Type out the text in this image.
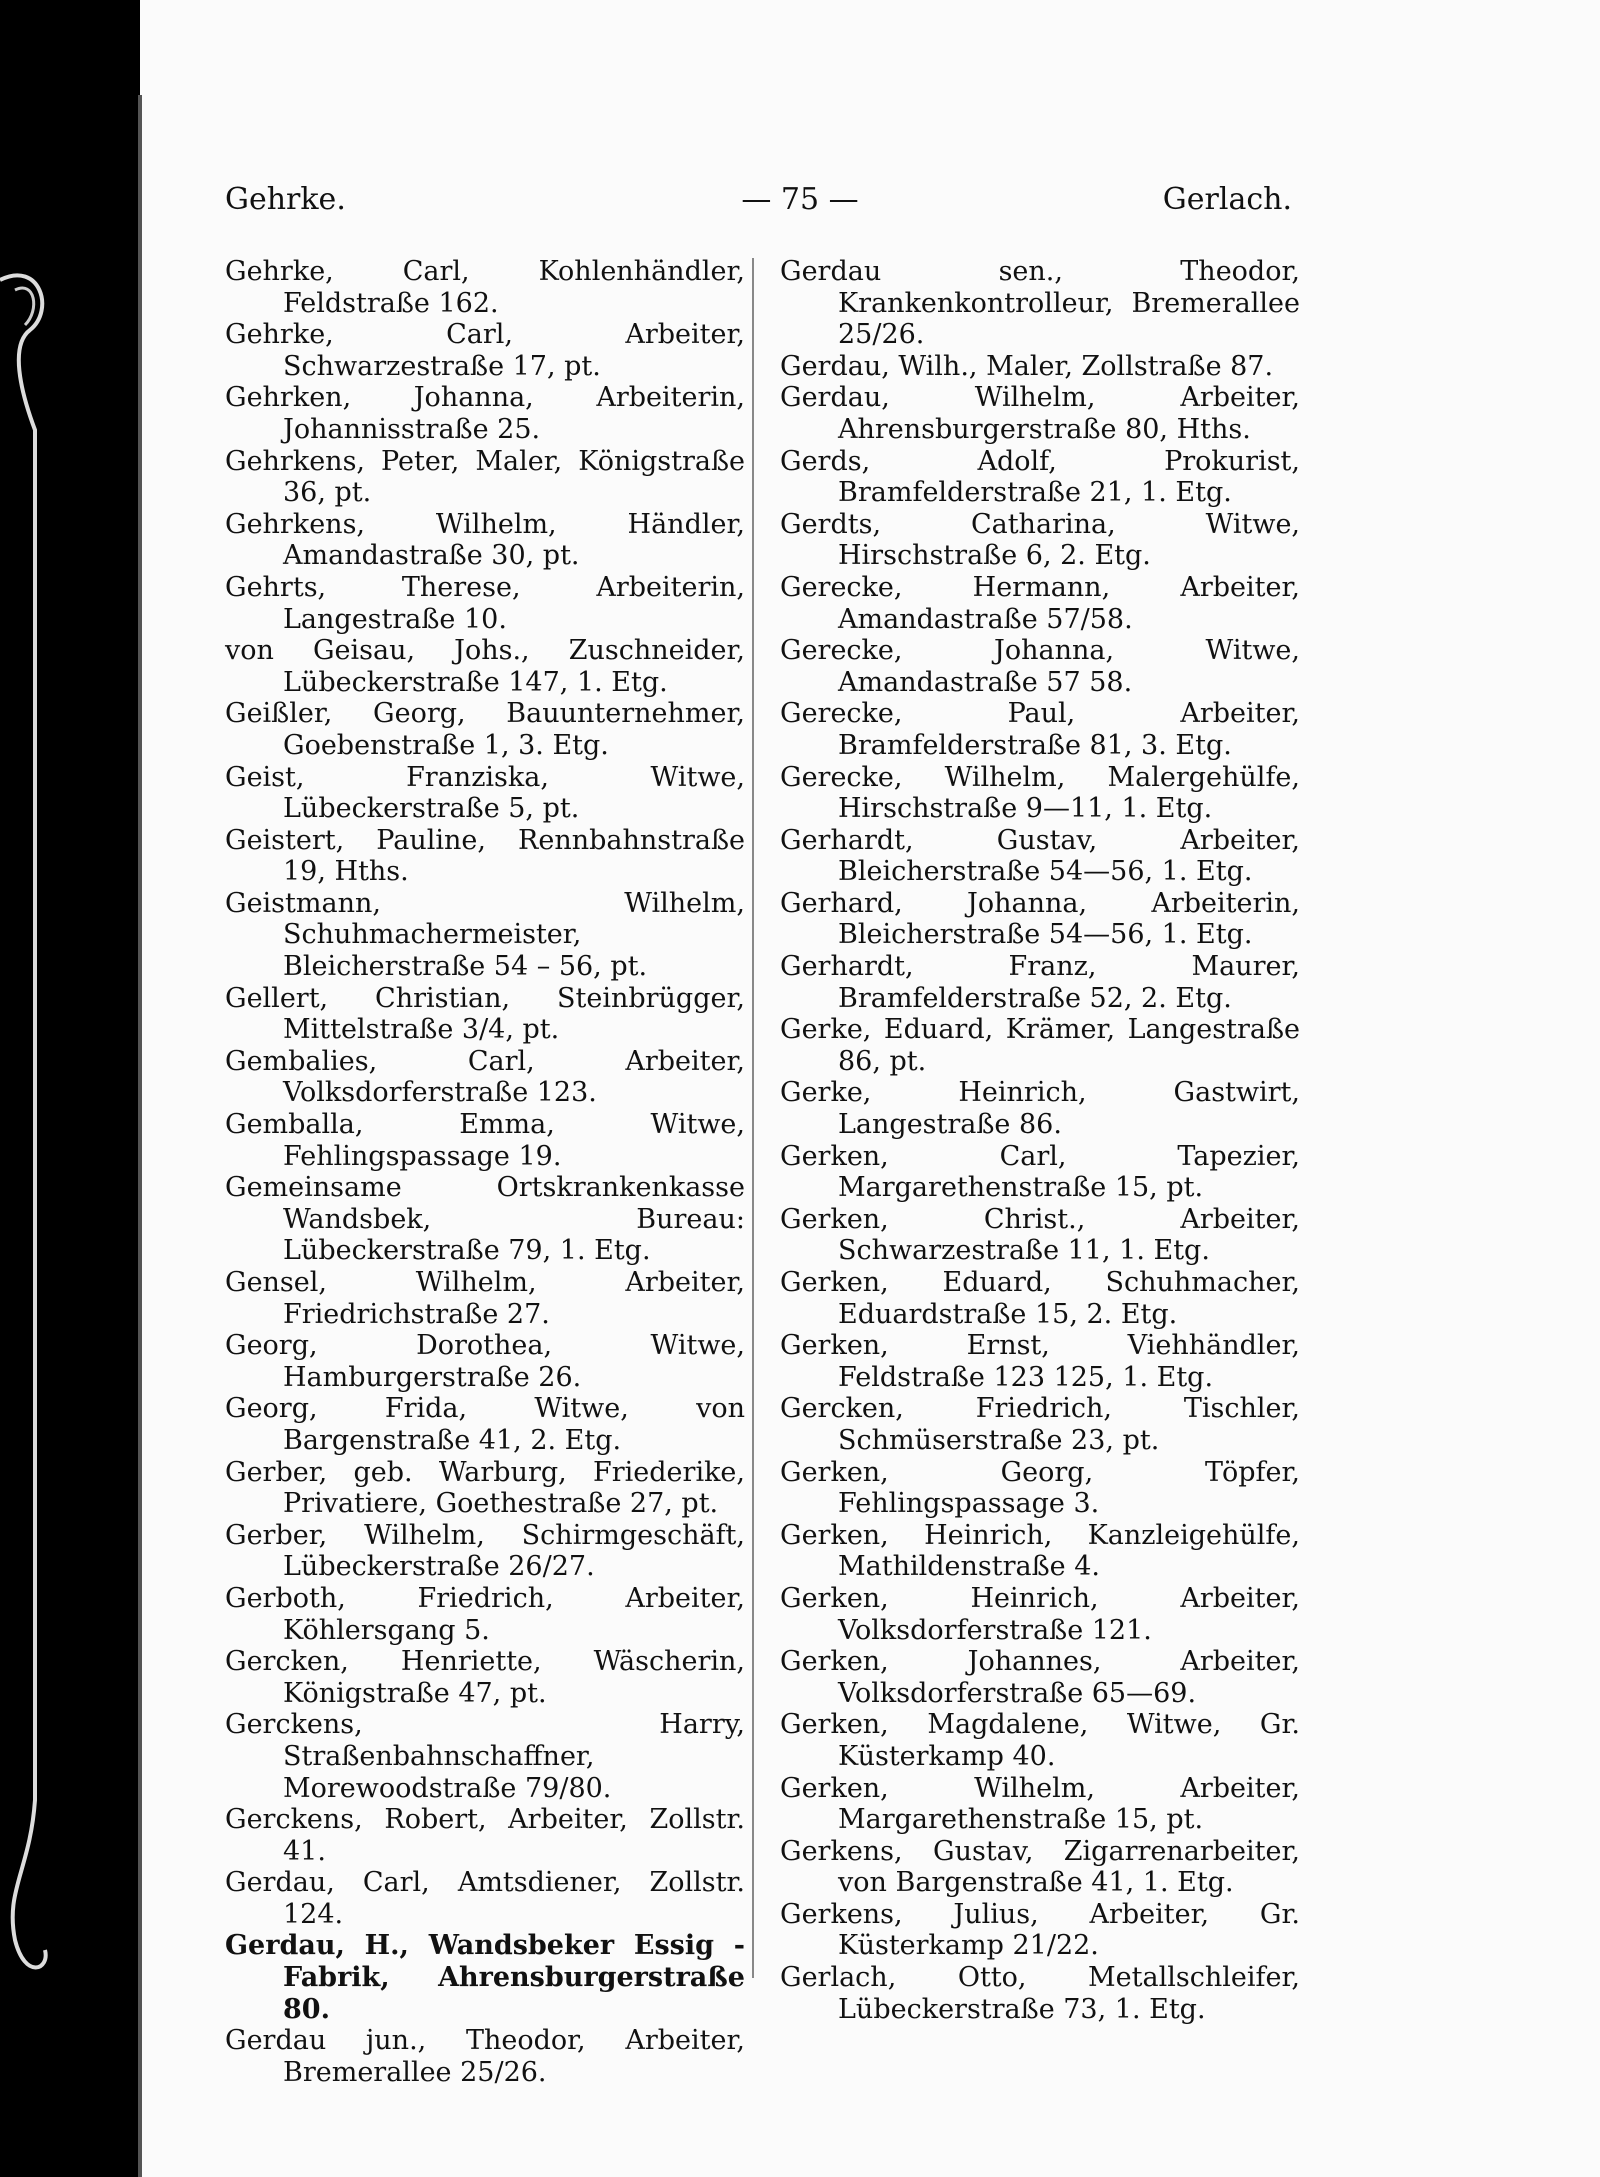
Gehrke.	— 75 —	Gerlach.
Gehrke, Carl, Kohlenhändler, Feldstraße 162.
Gehrke, Carl, Arbeiter, Schwarzestraße 17, pt.
Gehrken, Johanna, Arbeiterin, Johannisstraße 25.
Gehrkens, Peter, Maler, Königstraße 36, pt.
Gehrkens, Wilhelm, Händler, Amandastraße 30, pt.
Gehrts, Therese, Arbeiterin, Langestraße 10.
von Geisau, Johs., Zuschneider, Lübeckerstraße 147, 1. Etg.
Geißler, Georg, Bauunternehmer, Goebenstraße 1, 3. Etg.
Geist, Franziska, Witwe, Lübeckerstraße 5, pt.
Geistert, Pauline, Rennbahnstraße 19, Hths.
Geistmann, Wilhelm, Schuhmachermeister, Bleicherstraße 54 – 56, pt.
Gellert, Christian, Steinbrügger, Mittelstraße 3/4, pt.
Gembalies, Carl, Arbeiter, Volksdorferstraße 123.
Gemballa, Emma, Witwe, Fehlingspassage 19.
Gemeinsame Ortskrankenkasse Wandsbek, Bureau: Lübeckerstraße 79, 1. Etg.
Gensel, Wilhelm, Arbeiter, Friedrichstraße 27.
Georg, Dorothea, Witwe, Hamburgerstraße 26.
Georg, Frida, Witwe, von Bargenstraße 41, 2. Etg.
Gerber, geb. Warburg, Friederike, Privatiere, Goethestraße 27, pt.
Gerber, Wilhelm, Schirmgeschäft, Lübeckerstraße 26/27.
Gerboth, Friedrich, Arbeiter, Köhlersgang 5.
Gercken, Henriette, Wäscherin, Königstraße 47, pt.
Gerckens, Harry, Straßenbahnschaffner, Morewoodstraße 79/80.
Gerckens, Robert, Arbeiter, Zollstr. 41.
Gerdau, Carl, Amtsdiener, Zollstr. 124.
Gerdau, H., Wandsbeker Essig - Fabrik, Ahrensburgerstraße 80.
Gerdau jun., Theodor, Arbeiter, Bremerallee 25/26.
Gerdau sen., Theodor, Krankenkontrolleur, Bremerallee 25/26.
Gerdau, Wilh., Maler, Zollstraße 87.
Gerdau, Wilhelm, Arbeiter, Ahrensburgerstraße 80, Hths.
Gerds, Adolf, Prokurist, Bramfelderstraße 21, 1. Etg.
Gerdts, Catharina, Witwe, Hirschstraße 6, 2. Etg.
Gerecke, Hermann, Arbeiter, Amandastraße 57/58.
Gerecke, Johanna, Witwe, Amandastraße 57 58.
Gerecke, Paul, Arbeiter, Bramfelderstraße 81, 3. Etg.
Gerecke, Wilhelm, Malergehülfe, Hirschstraße 9—11, 1. Etg.
Gerhardt, Gustav, Arbeiter, Bleicherstraße 54—56, 1. Etg.
Gerhard, Johanna, Arbeiterin, Bleicherstraße 54—56, 1. Etg.
Gerhardt, Franz, Maurer, Bramfelderstraße 52, 2. Etg.
Gerke, Eduard, Krämer, Langestraße 86, pt.
Gerke, Heinrich, Gastwirt, Langestraße 86.
Gerken, Carl, Tapezier, Margarethenstraße 15, pt.
Gerken, Christ., Arbeiter, Schwarzestraße 11, 1. Etg.
Gerken, Eduard, Schuhmacher, Eduardstraße 15, 2. Etg.
Gerken, Ernst, Viehhändler, Feldstraße 123 125, 1. Etg.
Gercken, Friedrich, Tischler, Schmüserstraße 23, pt.
Gerken, Georg, Töpfer, Fehlingspassage 3.
Gerken, Heinrich, Kanzleigehülfe, Mathildenstraße 4.
Gerken, Heinrich, Arbeiter, Volksdorferstraße 121.
Gerken, Johannes, Arbeiter, Volksdorferstraße 65—69.
Gerken, Magdalene, Witwe, Gr. Küsterkamp 40.
Gerken, Wilhelm, Arbeiter, Margarethenstraße 15, pt.
Gerkens, Gustav, Zigarrenarbeiter, von Bargenstraße 41, 1. Etg.
Gerkens, Julius, Arbeiter, Gr. Küsterkamp 21/22.
Gerlach, Otto, Metallschleifer, Lübeckerstraße 73, 1. Etg.
